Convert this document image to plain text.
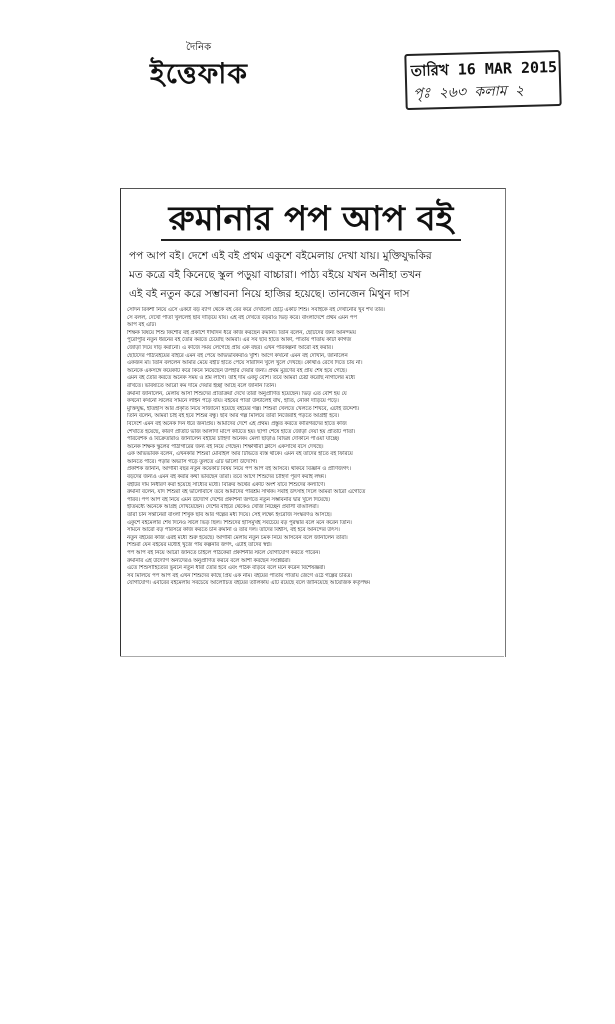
দৈনিক
ইত্তেফাক	তারিখ 16 MAR 2015
পৃঃ ২৬৩ কলাম ২
রুমানার পপ আপ বই
পপ আপ বই। দেশে এই বই প্রথম একুশে বইমেলায় দেখা যায়। মুক্তিযুদ্ধকির
মত কত্রে বই কিনেছে স্কুল পড়ুয়া বাচ্চারা। পাঠ্য বইয়ে যখন অনীহা তখন
এই বই নতুন করে সম্ভাবনা নিয়ে হাজির হয়েছে। তানজেন মিথুন দাস
সেদিন রিকশা নিয়ে এসে একটা বড় ব্যাগ থেকে বই বের করে দেখালো ছোট্ট একটি শিশু। সবাইকে বই দেখানোর খুব শখ তার।
সে বলল, দেখো পাতা খুললেই ছবি দাঁড়িয়ে যায়। এই বই দেখতে বড়রাও ভিড় করে। বাংলাদেশে প্রথম এমন পপ
আপ বই এটি।
শিক্ষক বিষয়ে শিশু কিশোর বই প্রকাশে দীর্ঘদিন ধরে কাজ করছেন রুমানা। তিনি বলেন, ছোটদের জন্য আনন্দময়
পুরোপুরি নতুন ধরনের বই তৈরি করতে চেয়েছি আমরা। এর সব ছবি হাতে আঁকা, পাতায় পাতায় কাটা কাগজ
জোড়া দিয়ে দাঁড় করানো। এ কাজে সময় লেগেছে প্রায় এক বছর। এখন পরিকল্পনা আরো বই করার।
ছোটদের পাঠ্যবইয়ের বাইরে এমন বই পেয়ে অভিভাবকরাও খুশি। আগে কখনো এমন বই দেখিনি, জানালেন
একজন মা। তিনি বললেন আমার মেয়ে বইটি হাতে পেয়ে সারাদিন খুলে খুলে দেখছে। কোথাও রেখে দিতে চায় না।
অনেকে একসঙ্গে কয়েকটি করে কিনে নিয়েছেন উপহার দেয়ার জন্য। প্রথম মুদ্রণের বই প্রায় শেষ হয়ে গেছে।
এমন বই তৈরি করতে অনেক সময় ও শ্রম লাগে। তাই দাম একটু বেশি। তবে আমরা চেষ্টা করেছি নাগালের মধ্যে
রাখতে। ভবিষ্যতে আরো কম দামে দেয়ার ইচ্ছা আছে বলে জানান তিনি।
রুমানা জানালেন, মেলায় আসা শিশুদের প্রতিক্রিয়া দেখে তারা অনুপ্রাণিত হয়েছেন। ভিড় এত বেশি হয় যে
কখনো কখনো স্টলের সামনে লাইন পড়ে যায়। বইয়ের পাতা উল্টালেই বাঘ, হাতি, নৌকা দাঁড়িয়ে পড়ে।
মুক্তিযুদ্ধ, ইতিহাস আর প্রকৃতি নিয়ে সাজানো হয়েছে বইয়ের গল্প। শিশুরা খেলতে খেলতে শিখবে, এটাই উদ্দেশ্য।
তিনি বলেন, আমরা চাই বই হবে শিশুর বন্ধু। ছবি আর গল্প মিলিয়ে তারা নিজেরাই পড়তে আগ্রহী হবে।
বিদেশে এমন বই অনেক দিন ধরে জনপ্রিয়। আমাদের দেশে এই প্রথম। প্রস্তুত করতে কারিগরদের হাতে কাজ
শেখাতে হয়েছে, কারণ প্রতিটি ভাঁজ আলাদা মাপে কাটতে হয়। ছাপা শেষে হাতে জোড়া দেয়া হয় প্রতিটি পাতা।
পরিবেশক ও বিক্রেতারাও জানালেন বইটির চাহিদা অনেক। মেলা ছাড়াও বিভিন্ন দোকানে পাওয়া যাচ্ছে।
অনেক শিক্ষক স্কুলের পাঠাগারের জন্য বই নিয়ে গেছেন। শিক্ষার্থীরা ক্লাসে একসাথে বসে দেখছে।
এক অভিভাবক বলেন, এখনকার শিশুরা মোবাইল আর টিভিতে ব্যস্ত থাকে। এমন বই তাদের হাতে বই ফিরিয়ে
আনতে পারে। পড়ার অভ্যাস গড়ে তুলতে এটি ভালো উদ্যোগ।
প্রকাশক জানান, আগামী বছর নতুন কয়েকটি বিষয় নিয়ে পপ আপ বই আসবে। থাকবে বিজ্ঞান ও প্রাণিজগৎ।
বড়দের জন্যও এমন বই করার কথা ভাবছেন তারা। তবে আগে শিশুদের চাহিদা পূরণ করাই লক্ষ্য।
বইটির দাম নির্ধারণ করা হয়েছে সাধ্যের মধ্যে। বিক্রির অর্থের একটি অংশ যাবে শিশুদের কল্যাণে।
রুমানা বলেন, যদি শিশুরা বই ভালোবাসে তবে আমাদের পরিশ্রম সার্থক। সবাই উৎসাহ দিলে আমরা আরো এগোতে
পারব। পপ আপ বই নিয়ে এমন উদ্যোগ দেশের প্রকাশনা জগতে নতুন সম্ভাবনার দ্বার খুলে দিয়েছে।
ইতিমধ্যে অনেকে আগ্রহ দেখিয়েছেন। দেশের বাইরে থেকেও খোঁজ নিচ্ছেন প্রবাসী বাঙালিরা।
তারা চান সন্তানেরা বাংলা শিখুক ছবি আর গল্পের মধ্য দিয়ে। সেই লক্ষ্যে ইংরেজি সংস্করণও আসছে।
একুশে বইমেলার শেষ দিনেও স্টলে ভিড় ছিল। শিশুদের হাসিমুখই সবচেয়ে বড় পুরস্কার বলে মনে করেন তিনি।
সামনে আরো বড় পরিসরে কাজ করতে চান রুমানা ও তার দল। তাদের বিশ্বাস, বই হবে আনন্দের উৎস।
নতুন বইয়ের কাজ এরই মধ্যে শুরু হয়েছে। আগামী মেলায় নতুন চমক নিয়ে আসবেন বলে জানালেন তারা।
শিশুরা যেন বইয়ের মধ্যেই খুঁজে পায় কল্পনার জগৎ, এটাই তাদের স্বপ্ন।
পপ আপ বই নিয়ে আরো জানতে চাইলে পাঠকেরা প্রকাশনীর স্টলে যোগাযোগ করতে পারেন।
রুমানার এই উদ্যোগ অন্যদেরও অনুপ্রাণিত করবে বলে আশা করছেন সংশ্লিষ্টরা।
এতে শিশুসাহিত্যের ভুবনে নতুন ধারা তৈরি হবে এবং পাঠক বাড়বে বলে মনে করেন বিশেষজ্ঞরা।
সব মিলিয়ে পপ আপ বই এখন শিশুদের কাছে প্রিয় এক নাম। বইয়ের পাতায় পাতায় জেগে ওঠে গল্পের চরিত্র।
যোগাযোগ। এবারের বইমেলায় সবচেয়ে আলোচিত বইয়ের তালিকায় এটি রয়েছে বলে জানিয়েছে আয়োজক কর্তৃপক্ষ।
